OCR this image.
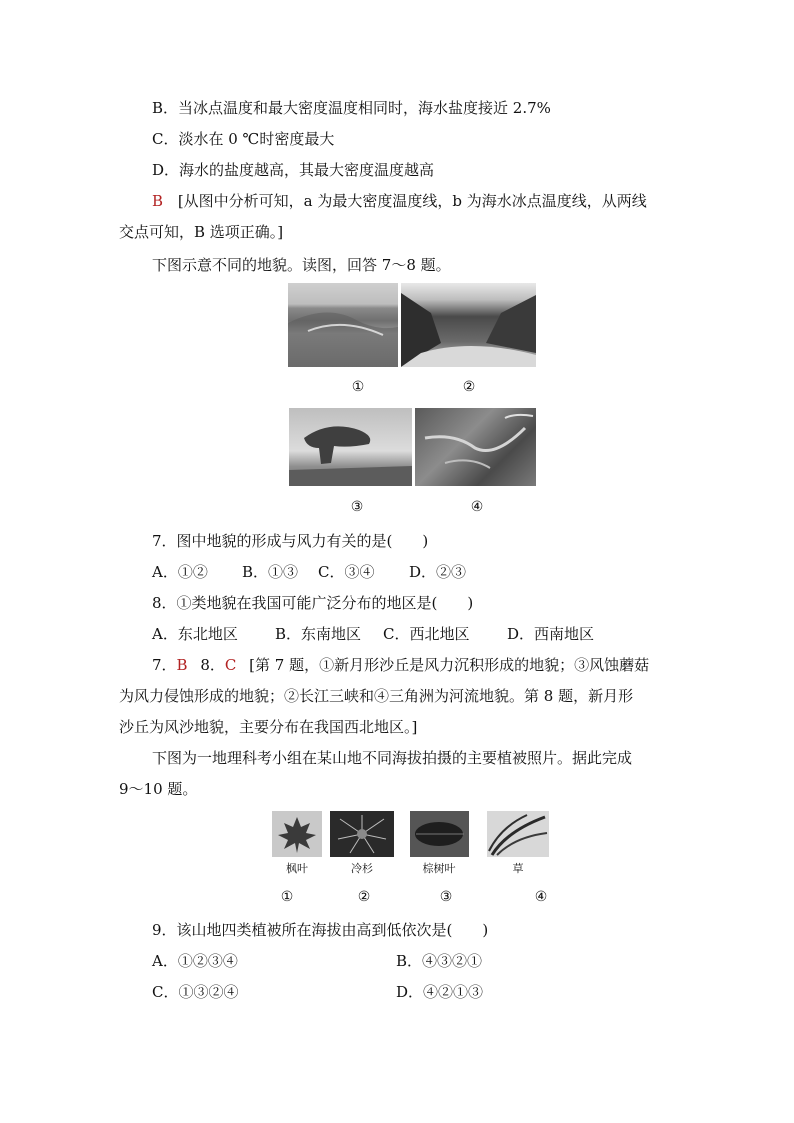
B．当冰点温度和最大密度温度相同时，海水盐度接近 2.7%
C．淡水在 0 ℃时密度最大
D．海水的盐度越高，其最大密度温度越高
B [从图中分析可知，a 为最大密度温度线，b 为海水冰点温度线，从两线
交点可知，B 选项正确。]
下图示意不同的地貌。读图，回答 7～8 题。
①	②
③	④
7．图中地貌的形成与风力有关的是(　　)
A．①② B．①③ C．③④ D．②③
8．①类地貌在我国可能广泛分布的地区是(　　)
A．东北地区 B．东南地区 C．西北地区	D．西南地区
7．B 8．C [第 7 题，①新月形沙丘是风力沉积形成的地貌；③风蚀蘑菇
为风力侵蚀形成的地貌；②长江三峡和④三角洲为河流地貌。第 8 题，新月形
沙丘为风沙地貌，主要分布在我国西北地区。]
下图为一地理科考小组在某山地不同海拔拍摄的主要植被照片。据此完成
9～10 题。
枫叶	冷杉	棕树叶	草
①	②	③	④
9．该山地四类植被所在海拔由高到低依次是(　　)
A．①②③④	B．④③②①
C．①③②④	D．④②①③
